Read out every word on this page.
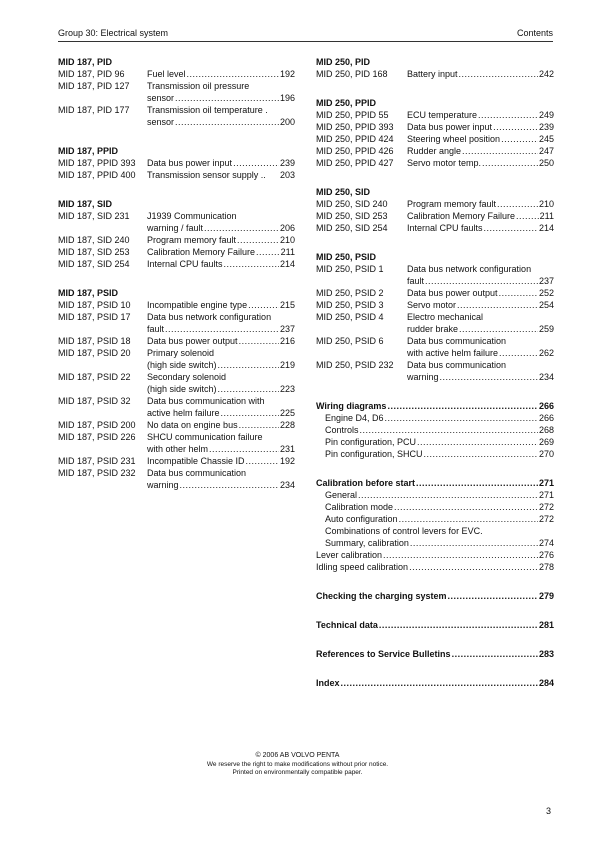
Group 30: Electrical system	Contents
MID 187, PID
MID 187, PID 96	Fuel level .....	192
MID 187, PID 127	Transmission oil pressure
sensor .....	196
MID 187, PID 177	Transmission oil temperature .
sensor .....	200
MID 187, PPID
MID 187, PPID 393	Data bus power input .....	239
MID 187, PPID 400	Transmission sensor supply .. 203
MID 187, SID
MID 187, SID 231	J1939 Communication
warning / fault .....	206
MID 187, SID 240	Program memory fault .....	210
MID 187, SID 253	Calibration Memory Failure .....	211
MID 187, SID 254	Internal CPU faults .....	214
MID 187, PSID
MID 187, PSID 10	Incompatible engine type .....	215
MID 187, PSID 17	Data bus network configuration
fault .....	237
MID 187, PSID 18	Data bus power output .....	216
MID 187, PSID 20	Primary solenoid
(high side switch) .....	219
MID 187, PSID 22	Secondary solenoid
(high side switch) .....	223
MID 187, PSID 32	Data bus communication with
active helm failure .....	225
MID 187, PSID 200	No data on engine bus .....	228
MID 187, PSID 226	SHCU communication failure
with other helm .....	231
MID 187, PSID 231	Incompatible Chassie ID .....	192
MID 187, PSID 232	Data bus communication
warning .....	234
MID 250, PID
MID 250, PID 168	Battery input .....	242
MID 250, PPID
MID 250, PPID 55	ECU temperature .....	249
MID 250, PPID 393	Data bus power input .....	239
MID 250, PPID 424	Steering wheel position .....	245
MID 250, PPID 426	Rudder angle .....	247
MID 250, PPID 427	Servo motor temp. .....	250
MID 250, SID
MID 250, SID 240	Program memory fault .....	210
MID 250, SID 253	Calibration Memory Failure .....	211
MID 250, SID 254	Internal CPU faults .....	214
MID 250, PSID
MID 250, PSID 1	Data bus network configuration
fault .....	237
MID 250, PSID 2	Data bus power output .....	252
MID 250, PSID 3	Servo motor .....	254
MID 250, PSID 4	Electro mechanical
rudder brake .....	259
MID 250, PSID 6	Data bus communication
with active helm failure .....	262
MID 250, PSID 232	Data bus communication
warning .....	234
Wiring diagrams .....	266
Engine D4, D6 .....	266
Controls .....	268
Pin configuration, PCU .....	269
Pin configuration, SHCU .....	270
Calibration before start .....	271
General .....	271
Calibration mode .....	272
Auto configuration .....	272
Combinations of control levers for EVC.
Summary, calibration .....	274
Lever calibration .....	276
Idling speed calibration .....	278
Checking the charging system .....	279
Technical data .....	281
References to Service Bulletins .....	283
Index .....	284
© 2006 AB VOLVO PENTA
We reserve the right to make modifications without prior notice.
Printed on environmentally compatible paper.
3
